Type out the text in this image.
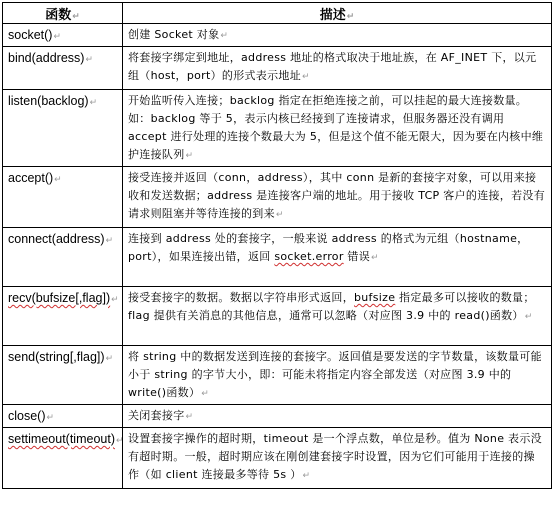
函数↵	描述↵
socket()↵	创建 Socket 对象↵
bind(address)↵	将套接字绑定到地址，address 地址的格式取决于地址族，在 AF_INET 下，以元组（host，port）的形式表示地址↵
listen(backlog)↵	开始监听传入连接；backlog 指定在拒绝连接之前，可以挂起的最大连接数量。如：backlog 等于 5，表示内核已经接到了连接请求，但服务器还没有调用 accept 进行处理的连接个数最大为 5，但是这个值不能无限大，因为要在内核中维护连接队列↵
accept()↵	接受连接并返回（conn，address），其中 conn 是新的套接字对象，可以用来接收和发送数据；address 是连接客户端的地址。用于接收 TCP 客户的连接，若没有请求则阻塞并等待连接的到来↵
connect(address)↵	连接到 address 处的套接字，一般来说 address 的格式为元组（hostname，port），如果连接出错，返回 socket.error 错误↵
recv(bufsize[,flag])↵	接受套接字的数据。数据以字符串形式返回，bufsize 指定最多可以接收的数量；flag 提供有关消息的其他信息，通常可以忽略（对应图 3.9 中的 read()函数）↵
send(string[,flag])↵	将 string 中的数据发送到连接的套接字。返回值是要发送的字节数量，该数量可能小于 string 的字节大小，即：可能未将指定内容全部发送（对应图 3.9 中的 write()函数）↵
close()↵	关闭套接字↵
settimeout(timeout)↵	设置套接字操作的超时期，timeout 是一个浮点数，单位是秒。值为 None 表示没有超时期。一般，超时期应该在刚创建套接字时设置，因为它们可能用于连接的操作（如 client 连接最多等待 5s ）↵
